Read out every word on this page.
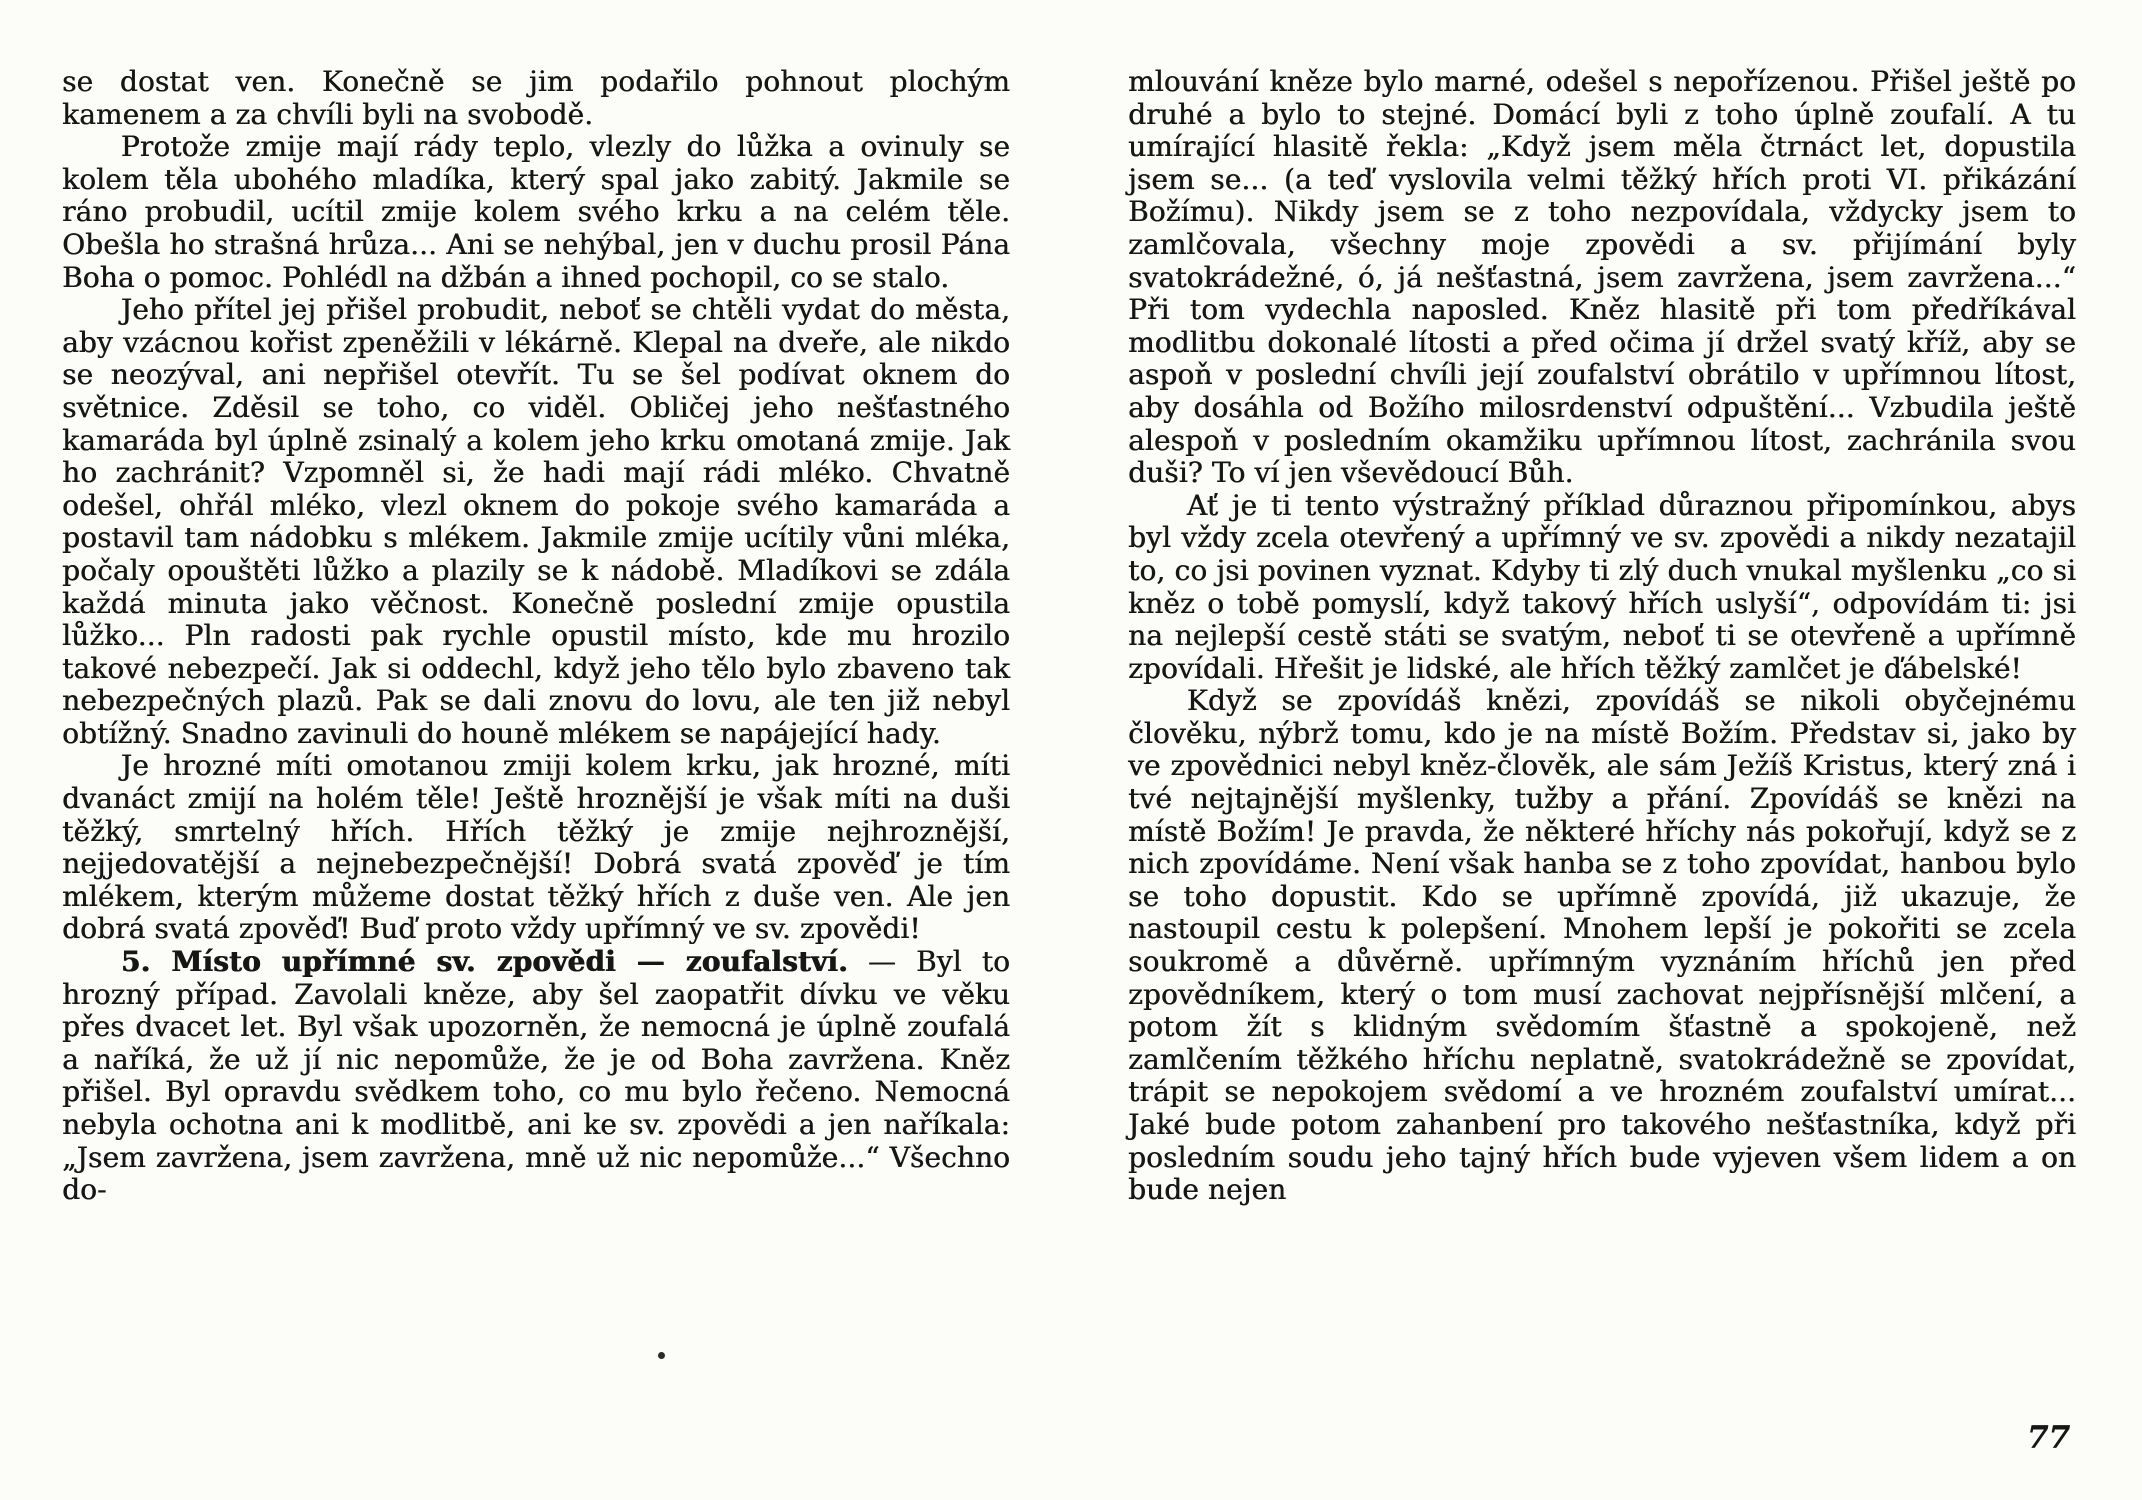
se dostat ven. Konečně se jim podařilo pohnout plochým kamenem a za chvíli byli na svobodě.

Protože zmije mají rády teplo, vlezly do lůžka a ovinuly se kolem těla ubohého mladíka, který spal jako zabitý. Jakmile se ráno probudil, ucítil zmije kolem svého krku a na celém těle. Obešla ho strašná hrůza... Ani se nehýbal, jen v duchu prosil Pána Boha o pomoc. Pohlédl na džbán a ihned pochopil, co se stalo.

Jeho přítel jej přišel probudit, neboť se chtěli vydat do města, aby vzácnou kořist zpeněžili v lékárně. Klepal na dveře, ale nikdo se neozýval, ani nepřišel otevřít. Tu se šel podívat oknem do světnice. Zděsil se toho, co viděl. Obličej jeho nešťastného kamaráda byl úplně zsinalý a kolem jeho krku omotaná zmije. Jak ho zachránit? Vzpomněl si, že hadi mají rádi mléko. Chvatně odešel, ohřál mléko, vlezl oknem do pokoje svého kamaráda a postavil tam nádobku s mlékem. Jakmile zmije ucítily vůni mléka, počaly opouštěti lůžko a plazily se k nádobě. Mladíkovi se zdála každá minuta jako věčnost. Konečně poslední zmije opustila lůžko... Pln radosti pak rychle opustil místo, kde mu hrozilo takové nebezpečí. Jak si oddechl, když jeho tělo bylo zbaveno tak nebezpečných plazů. Pak se dali znovu do lovu, ale ten již nebyl obtížný. Snadno zavinuli do houně mlékem se napájející hady.

Je hrozné míti omotanou zmiji kolem krku, jak hrozné, míti dvanáct zmijí na holém těle! Ještě hroznější je však míti na duši těžký, smrtelný hřích. Hřích těžký je zmije nejhroznější, nejjedovatější a nejnebezpečnější! Dobrá svatá zpověď je tím mlékem, kterým můžeme dostat těžký hřích z duše ven. Ale jen dobrá svatá zpověď! Buď proto vždy upřímný ve sv. zpovědi!

5. Místo upřímné sv. zpovědi — zoufalství. — Byl to hrozný případ. Zavolali kněze, aby šel zaopatřit dívku ve věku přes dvacet let. Byl však upozorněn, že nemocná je úplně zoufalá a naříká, že už jí nic nepomůže, že je od Boha zavržena. Kněz přišel. Byl opravdu svědkem toho, co mu bylo řečeno. Nemocná nebyla ochotna ani k modlitbě, ani ke sv. zpovědi a jen naříkala: „Jsem zavržena, jsem zavržena, mně už nic nepomůže...“ Všechno do-

mlouvání kněze bylo marné, odešel s nepořízenou. Přišel ještě po druhé a bylo to stejné. Domácí byli z toho úplně zoufalí. A tu umírající hlasitě řekla: „Když jsem měla čtrnáct let, dopustila jsem se... (a teď vyslovila velmi těžký hřích proti VI. přikázání Božímu). Nikdy jsem se z toho nezpovídala, vždycky jsem to zamlčovala, všechny moje zpovědi a sv. přijímání byly svatokrádežné, ó, já nešťastná, jsem zavržena, jsem zavržena...“ Při tom vydechla naposled. Kněz hlasitě při tom předříkával modlitbu dokonalé lítosti a před očima jí držel svatý kříž, aby se aspoň v poslední chvíli její zoufalství obrátilo v upřímnou lítost, aby dosáhla od Božího milosrdenství odpuštění... Vzbudila ještě alespoň v posledním okamžiku upřímnou lítost, zachránila svou duši? To ví jen vševědoucí Bůh.

Ať je ti tento výstražný příklad důraznou připomínkou, abys byl vždy zcela otevřený a upřímný ve sv. zpovědi a nikdy nezatajil to, co jsi povinen vyznat. Kdyby ti zlý duch vnukal myšlenku „co si kněz o tobě pomyslí, když takový hřích uslyší“, odpovídám ti: jsi na nejlepší cestě státi se svatým, neboť ti se otevřeně a upřímně zpovídali. Hřešit je lidské, ale hřích těžký zamlčet je ďábelské!

Když se zpovídáš knězi, zpovídáš se nikoli obyčejnému člověku, nýbrž tomu, kdo je na místě Božím. Představ si, jako by ve zpovědnici nebyl kněz-člověk, ale sám Ježíš Kristus, který zná i tvé nejtajnější myšlenky, tužby a přání. Zpovídáš se knězi na místě Božím! Je pravda, že některé hříchy nás pokořují, když se z nich zpovídáme. Není však hanba se z toho zpovídat, hanbou bylo se toho dopustit. Kdo se upřímně zpovídá, již ukazuje, že nastoupil cestu k polepšení. Mnohem lepší je pokořiti se zcela soukromě a důvěrně. upřímným vyznáním hříchů jen před zpovědníkem, který o tom musí zachovat nejpřísnější mlčení, a potom žít s klidným svědomím šťastně a spokojeně, než zamlčením těžkého hříchu neplatně, svatokrádežně se zpovídat, trápit se nepokojem svědomí a ve hrozném zoufalství umírat... Jaké bude potom zahanbení pro takového nešťastníka, když při posledním soudu jeho tajný hřích bude vyjeven všem lidem a on bude nejen

77
